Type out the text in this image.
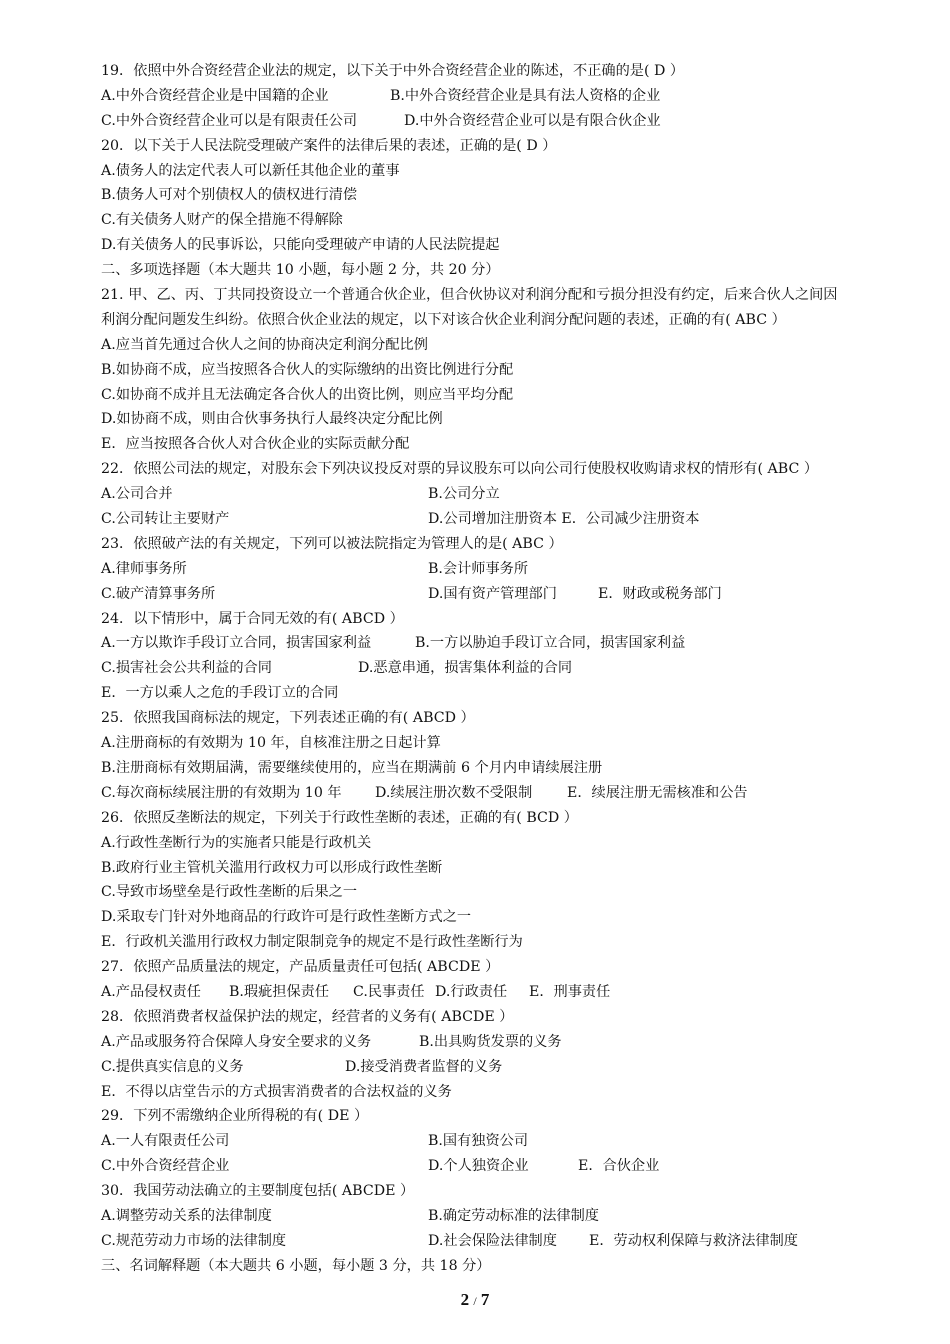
19．依照中外合资经营企业法的规定，以下关于中外合资经营企业的陈述，不正确的是( D ）
A.中外合资经营企业是中国籍的企业	B.中外合资经营企业是具有法人资格的企业
C.中外合资经营企业可以是有限责任公司	D.中外合资经营企业可以是有限合伙企业
20．以下关于人民法院受理破产案件的法律后果的表述，正确的是( D ）
A.债务人的法定代表人可以新任其他企业的董事
B.债务人可对个别债权人的债权进行清偿
C.有关债务人财产的保全措施不得解除
D.有关债务人的民事诉讼，只能向受理破产申请的人民法院提起
二、多项选择题（本大题共 10 小题，每小题 2 分，共 20 分）
21. 甲、乙、丙、丁共同投资设立一个普通合伙企业，但合伙协议对利润分配和亏损分担没有约定，后来合伙人之间因
利润分配问题发生纠纷。依照合伙企业法的规定，以下对该合伙企业利润分配问题的表述，正确的有( ABC ）
A.应当首先通过合伙人之间的协商决定利润分配比例
B.如协商不成，应当按照各合伙人的实际缴纳的出资比例进行分配
C.如协商不成并且无法确定各合伙人的出资比例，则应当平均分配
D.如协商不成，则由合伙事务执行人最终决定分配比例
E．应当按照各合伙人对合伙企业的实际贡献分配
22．依照公司法的规定，对股东会下列决议投反对票的异议股东可以向公司行使股权收购请求权的情形有( ABC ）
A.公司合并	B.公司分立
C.公司转让主要财产	D.公司增加注册资本 E．公司减少注册资本
23．依照破产法的有关规定，下列可以被法院指定为管理人的是( ABC ）
A.律师事务所	B.会计师事务所
C.破产清算事务所	D.国有资产管理部门	E．财政或税务部门
24．以下情形中，属于合同无效的有( ABCD ）
A.一方以欺诈手段订立合同，损害国家利益	B.一方以胁迫手段订立合同，损害国家利益
C.损害社会公共利益的合同	D.恶意串通，损害集体利益的合同
E．一方以乘人之危的手段订立的合同
25．依照我国商标法的规定，下列表述正确的有( ABCD ）
A.注册商标的有效期为 10 年，自核准注册之日起计算
B.注册商标有效期届满，需要继续使用的，应当在期满前 6 个月内申请续展注册
C.每次商标续展注册的有效期为 10 年 D.续展注册次数不受限制 E．续展注册无需核准和公告
26．依照反垄断法的规定，下列关于行政性垄断的表述，正确的有( BCD ）
A.行政性垄断行为的实施者只能是行政机关
B.政府行业主管机关滥用行政权力可以形成行政性垄断
C.导致市场壁垒是行政性垄断的后果之一
D.采取专门针对外地商品的行政许可是行政性垄断方式之一
E．行政机关滥用行政权力制定限制竞争的规定不是行政性垄断行为
27．依照产品质量法的规定，产品质量责任可包括( ABCDE ）
A.产品侵权责任 B.瑕疵担保责任 C.民事责任 D.行政责任 E．刑事责任
28．依照消费者权益保护法的规定，经营者的义务有( ABCDE ）
A.产品或服务符合保障人身安全要求的义务	B.出具购货发票的义务
C.提供真实信息的义务	D.接受消费者监督的义务
E．不得以店堂告示的方式损害消费者的合法权益的义务
29．下列不需缴纳企业所得税的有( DE ）
A.一人有限责任公司	B.国有独资公司
C.中外合资经营企业	D.个人独资企业	E．合伙企业
30．我国劳动法确立的主要制度包括( ABCDE ）
A.调整劳动关系的法律制度	B.确定劳动标准的法律制度
C.规范劳动力市场的法律制度	D.社会保险法律制度 E．劳动权利保障与救济法律制度
三、名词解释题（本大题共 6 小题，每小题 3 分，共 18 分）
2 / 7
